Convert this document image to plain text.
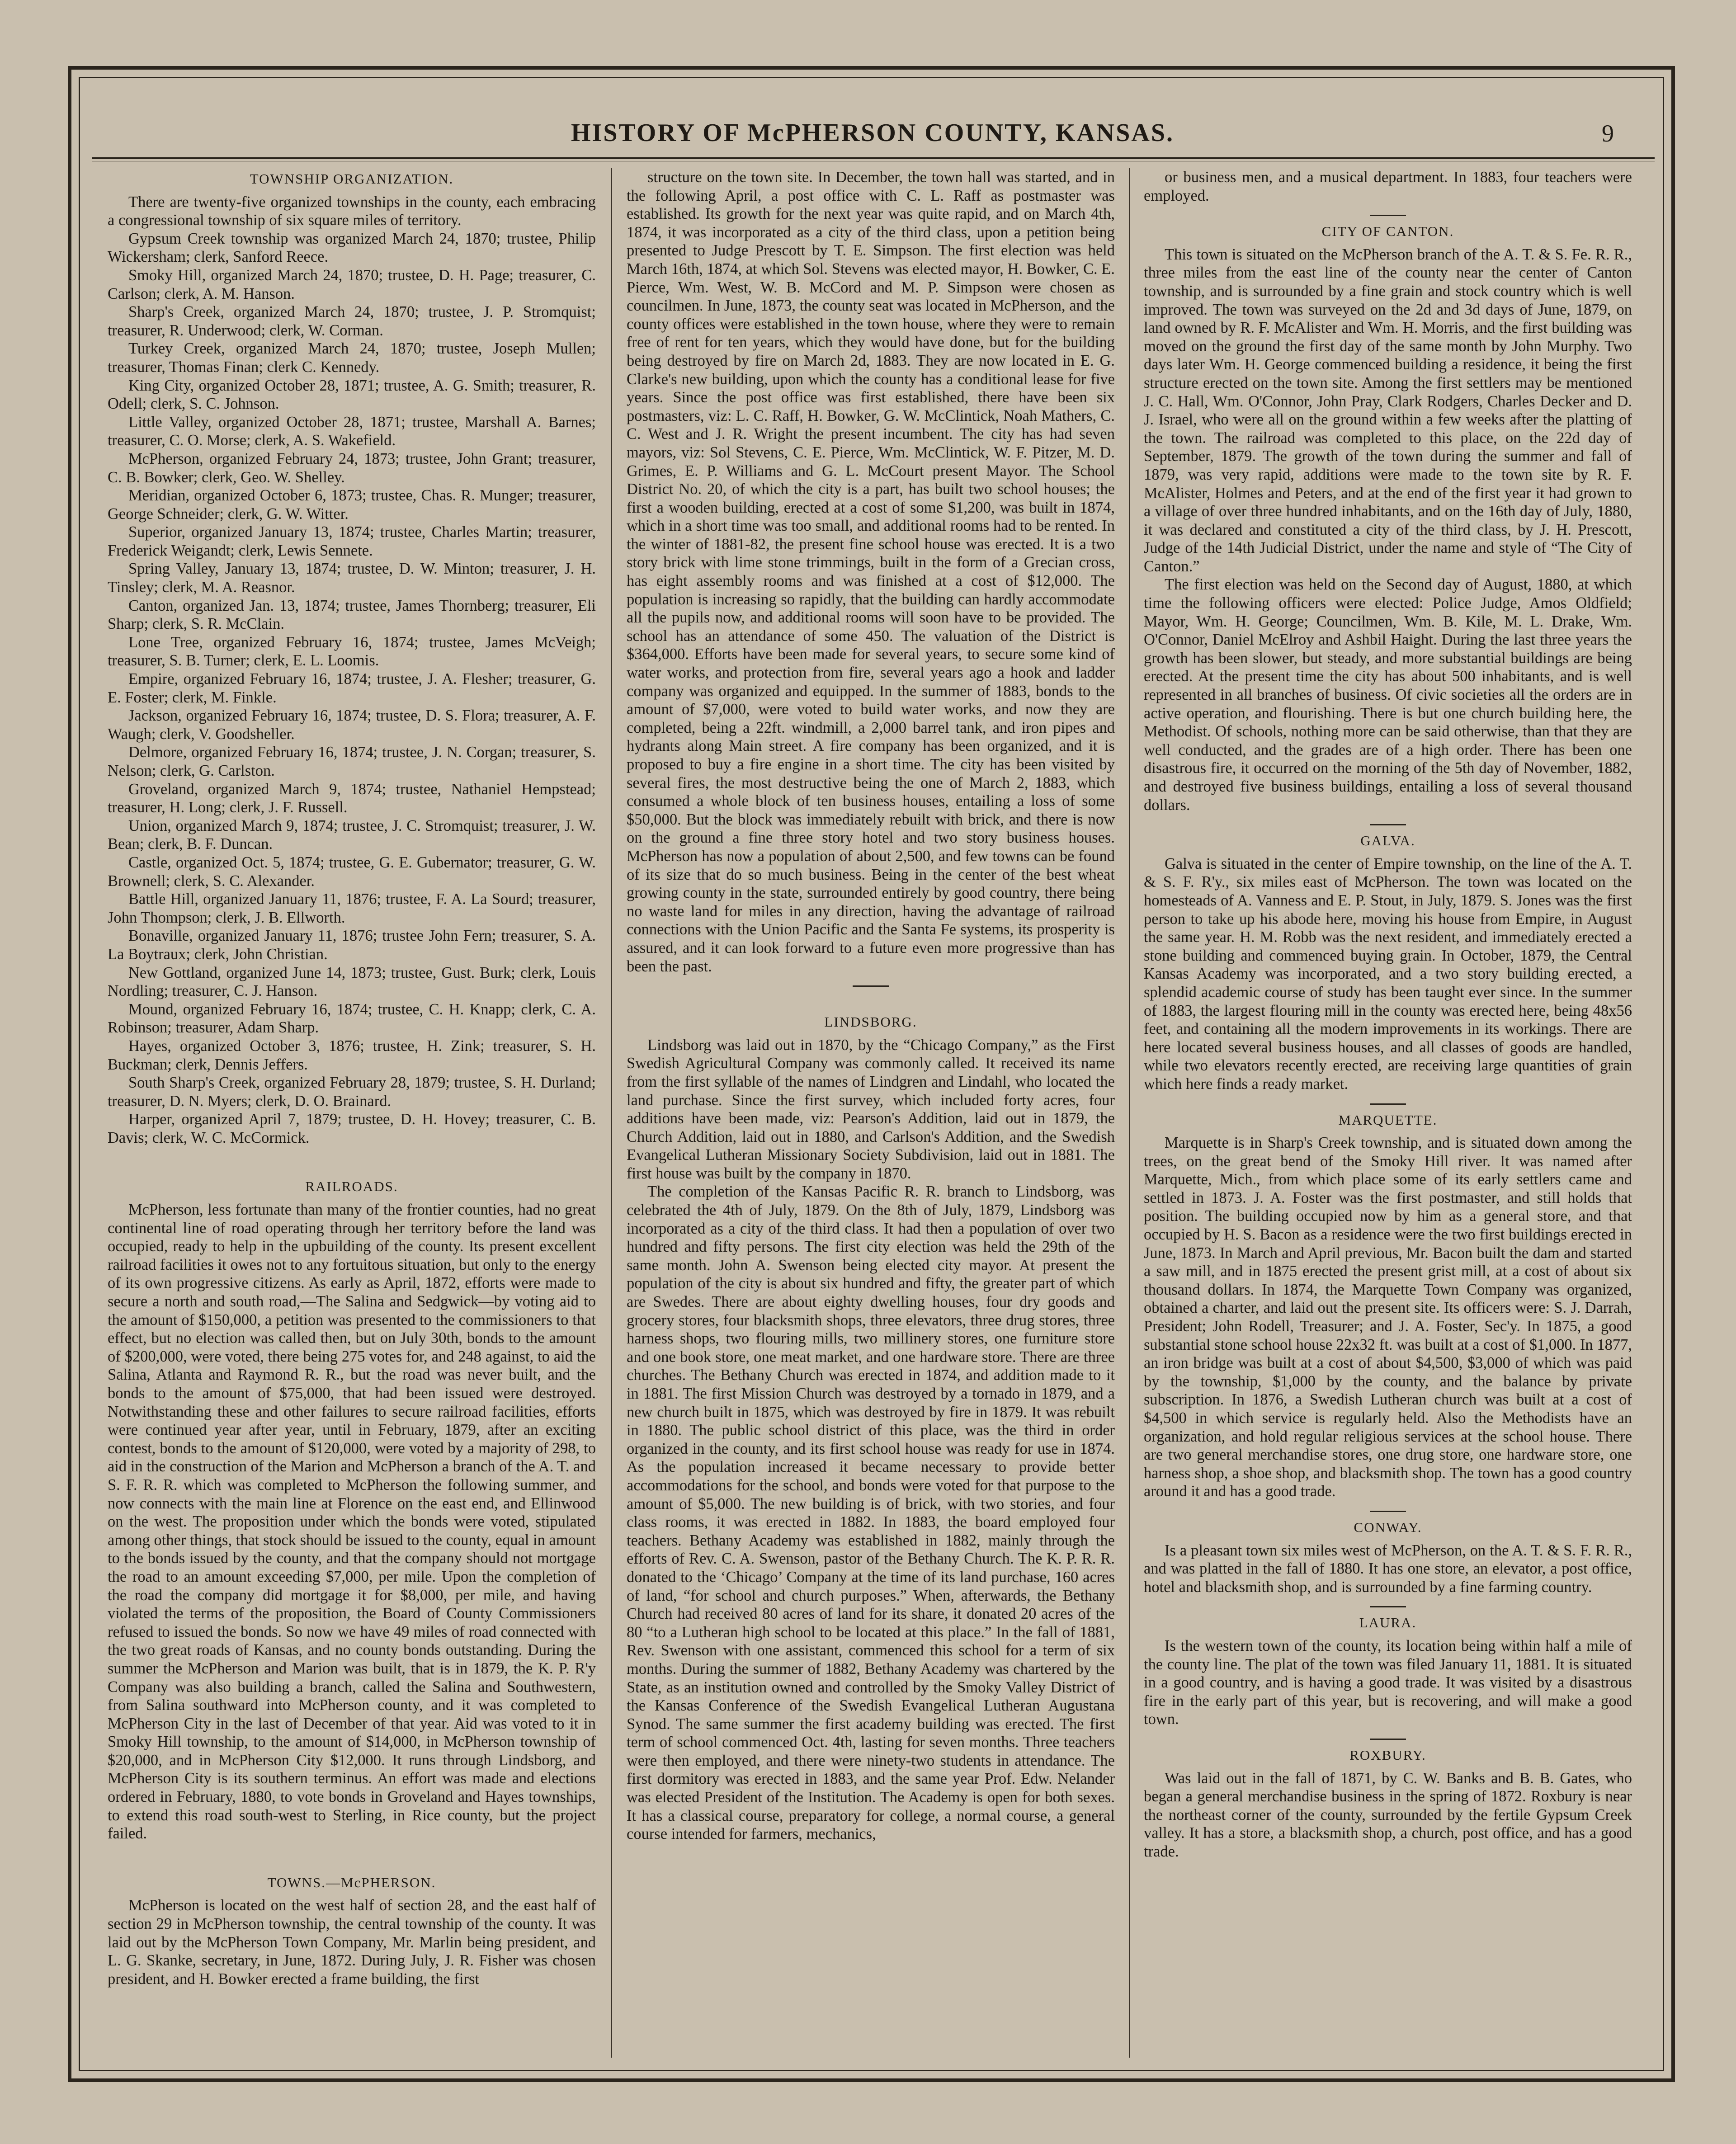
HISTORY OF McPHERSON COUNTY, KANSAS.	9
TOWNSHIP ORGANIZATION.

There are twenty-five organized townships in the county, each embracing a congressional township of six square miles of territory.

Gypsum Creek township was organized March 24, 1870; trustee, Philip Wickersham; clerk, Sanford Reece.

Smoky Hill, organized March 24, 1870; trustee, D. H. Page; treasurer, C. Carlson; clerk, A. M. Hanson.

Sharp's Creek, organized March 24, 1870; trustee, J. P. Stromquist; treasurer, R. Underwood; clerk, W. Corman.

Turkey Creek, organized March 24, 1870; trustee, Joseph Mullen; treasurer, Thomas Finan; clerk C. Kennedy.

King City, organized October 28, 1871; trustee, A. G. Smith; treasurer, R. Odell; clerk, S. C. Johnson.

Little Valley, organized October 28, 1871; trustee, Marshall A. Barnes; treasurer, C. O. Morse; clerk, A. S. Wakefield.

McPherson, organized February 24, 1873; trustee, John Grant; treasurer, C. B. Bowker; clerk, Geo. W. Shelley.

Meridian, organized October 6, 1873; trustee, Chas. R. Munger; treasurer, George Schneider; clerk, G. W. Witter.

Superior, organized January 13, 1874; trustee, Charles Martin; treasurer, Frederick Weigandt; clerk, Lewis Sennete.

Spring Valley, January 13, 1874; trustee, D. W. Minton; treasurer, J. H. Tinsley; clerk, M. A. Reasnor.

Canton, organized Jan. 13, 1874; trustee, James Thornberg; treasurer, Eli Sharp; clerk, S. R. McClain.

Lone Tree, organized February 16, 1874; trustee, James McVeigh; treasurer, S. B. Turner; clerk, E. L. Loomis.

Empire, organized February 16, 1874; trustee, J. A. Flesher; treasurer, G. E. Foster; clerk, M. Finkle.

Jackson, organized February 16, 1874; trustee, D. S. Flora; treasurer, A. F. Waugh; clerk, V. Goodsheller.

Delmore, organized February 16, 1874; trustee, J. N. Corgan; treasurer, S. Nelson; clerk, G. Carlston.

Groveland, organized March 9, 1874; trustee, Nathaniel Hempstead; treasurer, H. Long; clerk, J. F. Russell.

Union, organized March 9, 1874; trustee, J. C. Stromquist; treasurer, J. W. Bean; clerk, B. F. Duncan.

Castle, organized Oct. 5, 1874; trustee, G. E. Gubernator; treasurer, G. W. Brownell; clerk, S. C. Alexander.

Battle Hill, organized January 11, 1876; trustee, F. A. La Sourd; treasurer, John Thompson; clerk, J. B. Ellworth.

Bonaville, organized January 11, 1876; trustee John Fern; treasurer, S. A. La Boytraux; clerk, John Christian.

New Gottland, organized June 14, 1873; trustee, Gust. Burk; clerk, Louis Nordling; treasurer, C. J. Hanson.

Mound, organized February 16, 1874; trustee, C. H. Knapp; clerk, C. A. Robinson; treasurer, Adam Sharp.

Hayes, organized October 3, 1876; trustee, H. Zink; treasurer, S. H. Buckman; clerk, Dennis Jeffers.

South Sharp's Creek, organized February 28, 1879; trustee, S. H. Durland; treasurer, D. N. Myers; clerk, D. O. Brainard.

Harper, organized April 7, 1879; trustee, D. H. Hovey; treasurer, C. B. Davis; clerk, W. C. McCormick.

RAILROADS.

McPherson, less fortunate than many of the frontier counties, had no great continental line of road operating through her territory before the land was occupied, ready to help in the upbuilding of the county. Its present excellent railroad facilities it owes not to any fortuitous situation, but only to the energy of its own progressive citizens. As early as April, 1872, efforts were made to secure a north and south road,—The Salina and Sedgwick—by voting aid to the amount of $150,000, a petition was presented to the commissioners to that effect, but no election was called then, but on July 30th, bonds to the amount of $200,000, were voted, there being 275 votes for, and 248 against, to aid the Salina, Atlanta and Raymond R. R., but the road was never built, and the bonds to the amount of $75,000, that had been issued were destroyed. Notwithstanding these and other failures to secure railroad facilities, efforts were continued year after year, until in February, 1879, after an exciting contest, bonds to the amount of $120,000, were voted by a majority of 298, to aid in the construction of the Marion and McPherson a branch of the A. T. and S. F. R. R. which was completed to McPherson the following summer, and now connects with the main line at Florence on the east end, and Ellinwood on the west. The proposition under which the bonds were voted, stipulated among other things, that stock should be issued to the county, equal in amount to the bonds issued by the county, and that the company should not mortgage the road to an amount exceeding $7,000, per mile. Upon the completion of the road the company did mortgage it for $8,000, per mile, and having violated the terms of the proposition, the Board of County Commissioners refused to issued the bonds. So now we have 49 miles of road connected with the two great roads of Kansas, and no county bonds outstanding. During the summer the McPherson and Marion was built, that is in 1879, the K. P. R'y Company was also building a branch, called the Salina and Southwestern, from Salina southward into McPherson county, and it was completed to McPherson City in the last of December of that year. Aid was voted to it in Smoky Hill township, to the amount of $14,000, in McPherson township of $20,000, and in McPherson City $12,000. It runs through Lindsborg, and McPherson City is its southern terminus. An effort was made and elections ordered in February, 1880, to vote bonds in Groveland and Hayes townships, to extend this road south-west to Sterling, in Rice county, but the project failed.

TOWNS.—McPHERSON.

McPherson is located on the west half of section 28, and the east half of section 29 in McPherson township, the central township of the county. It was laid out by the McPherson Town Company, Mr. Marlin being president, and L. G. Skanke, secretary, in June, 1872. During July, J. R. Fisher was chosen president, and H. Bowker erected a frame building, the first

structure on the town site. In December, the town hall was started, and in the following April, a post office with C. L. Raff as postmaster was established. Its growth for the next year was quite rapid, and on March 4th, 1874, it was incorporated as a city of the third class, upon a petition being presented to Judge Prescott by T. E. Simpson. The first election was held March 16th, 1874, at which Sol. Stevens was elected mayor, H. Bowker, C. E. Pierce, Wm. West, W. B. McCord and M. P. Simpson were chosen as councilmen. In June, 1873, the county seat was located in McPherson, and the county offices were established in the town house, where they were to remain free of rent for ten years, which they would have done, but for the building being destroyed by fire on March 2d, 1883. They are now located in E. G. Clarke's new building, upon which the county has a conditional lease for five years. Since the post office was first established, there have been six postmasters, viz: L. C. Raff, H. Bowker, G. W. McClintick, Noah Mathers, C. C. West and J. R. Wright the present incumbent. The city has had seven mayors, viz: Sol Stevens, C. E. Pierce, Wm. McClintick, W. F. Pitzer, M. D. Grimes, E. P. Williams and G. L. McCourt present Mayor. The School District No. 20, of which the city is a part, has built two school houses; the first a wooden building, erected at a cost of some $1,200, was built in 1874, which in a short time was too small, and additional rooms had to be rented. In the winter of 1881-82, the present fine school house was erected. It is a two story brick with lime stone trimmings, built in the form of a Grecian cross, has eight assembly rooms and was finished at a cost of $12,000. The population is increasing so rapidly, that the building can hardly accommodate all the pupils now, and additional rooms will soon have to be provided. The school has an attendance of some 450. The valuation of the District is $364,000. Efforts have been made for several years, to secure some kind of water works, and protection from fire, several years ago a hook and ladder company was organized and equipped. In the summer of 1883, bonds to the amount of $7,000, were voted to build water works, and now they are completed, being a 22ft. windmill, a 2,000 barrel tank, and iron pipes and hydrants along Main street. A fire company has been organized, and it is proposed to buy a fire engine in a short time. The city has been visited by several fires, the most destructive being the one of March 2, 1883, which consumed a whole block of ten business houses, entailing a loss of some $50,000. But the block was immediately rebuilt with brick, and there is now on the ground a fine three story hotel and two story business houses. McPherson has now a population of about 2,500, and few towns can be found of its size that do so much business. Being in the center of the best wheat growing county in the state, surrounded entirely by good country, there being no waste land for miles in any direction, having the advantage of railroad connections with the Union Pacific and the Santa Fe systems, its prosperity is assured, and it can look forward to a future even more progressive than has been the past.

LINDSBORG.

Lindsborg was laid out in 1870, by the “Chicago Company,” as the First Swedish Agricultural Company was commonly called. It received its name from the first syllable of the names of Lindgren and Lindahl, who located the land purchase. Since the first survey, which included forty acres, four additions have been made, viz: Pearson's Addition, laid out in 1879, the Church Addition, laid out in 1880, and Carlson's Addition, and the Swedish Evangelical Lutheran Missionary Society Subdivision, laid out in 1881. The first house was built by the company in 1870.

The completion of the Kansas Pacific R. R. branch to Lindsborg, was celebrated the 4th of July, 1879. On the 8th of July, 1879, Lindsborg was incorporated as a city of the third class. It had then a population of over two hundred and fifty persons. The first city election was held the 29th of the same month. John A. Swenson being elected city mayor. At present the population of the city is about six hundred and fifty, the greater part of which are Swedes. There are about eighty dwelling houses, four dry goods and grocery stores, four blacksmith shops, three elevators, three drug stores, three harness shops, two flouring mills, two millinery stores, one furniture store and one book store, one meat market, and one hardware store. There are three churches. The Bethany Church was erected in 1874, and addition made to it in 1881. The first Mission Church was destroyed by a tornado in 1879, and a new church built in 1875, which was destroyed by fire in 1879. It was rebuilt in 1880. The public school district of this place, was the third in order organized in the county, and its first school house was ready for use in 1874. As the population increased it became necessary to provide better accommodations for the school, and bonds were voted for that purpose to the amount of $5,000. The new building is of brick, with two stories, and four class rooms, it was erected in 1882. In 1883, the board employed four teachers. Bethany Academy was established in 1882, mainly through the efforts of Rev. C. A. Swenson, pastor of the Bethany Church. The K. P. R. R. donated to the ‘Chicago’ Company at the time of its land purchase, 160 acres of land, “for school and church purposes.” When, afterwards, the Bethany Church had received 80 acres of land for its share, it donated 20 acres of the 80 “to a Lutheran high school to be located at this place.” In the fall of 1881, Rev. Swenson with one assistant, commenced this school for a term of six months. During the summer of 1882, Bethany Academy was chartered by the State, as an institution owned and controlled by the Smoky Valley District of the Kansas Conference of the Swedish Evangelical Lutheran Augustana Synod. The same summer the first academy building was erected. The first term of school commenced Oct. 4th, lasting for seven months. Three teachers were then employed, and there were ninety-two students in attendance. The first dormitory was erected in 1883, and the same year Prof. Edw. Nelander was elected President of the Institution. The Academy is open for both sexes. It has a classical course, preparatory for college, a normal course, a general course intended for farmers, mechanics,

or business men, and a musical department. In 1883, four teachers were employed.

CITY OF CANTON.

This town is situated on the McPherson branch of the A. T. & S. Fe. R. R., three miles from the east line of the county near the center of Canton township, and is surrounded by a fine grain and stock country which is well improved. The town was surveyed on the 2d and 3d days of June, 1879, on land owned by R. F. McAlister and Wm. H. Morris, and the first building was moved on the ground the first day of the same month by John Murphy. Two days later Wm. H. George commenced building a residence, it being the first structure erected on the town site. Among the first settlers may be mentioned J. C. Hall, Wm. O'Connor, John Pray, Clark Rodgers, Charles Decker and D. J. Israel, who were all on the ground within a few weeks after the platting of the town. The railroad was completed to this place, on the 22d day of September, 1879. The growth of the town during the summer and fall of 1879, was very rapid, additions were made to the town site by R. F. McAlister, Holmes and Peters, and at the end of the first year it had grown to a village of over three hundred inhabitants, and on the 16th day of July, 1880, it was declared and constituted a city of the third class, by J. H. Prescott, Judge of the 14th Judicial District, under the name and style of “The City of Canton.”

The first election was held on the Second day of August, 1880, at which time the following officers were elected: Police Judge, Amos Oldfield; Mayor, Wm. H. George; Councilmen, Wm. B. Kile, M. L. Drake, Wm. O'Connor, Daniel McElroy and Ashbil Haight. During the last three years the growth has been slower, but steady, and more substantial buildings are being erected. At the present time the city has about 500 inhabitants, and is well represented in all branches of business. Of civic societies all the orders are in active operation, and flourishing. There is but one church building here, the Methodist. Of schools, nothing more can be said otherwise, than that they are well conducted, and the grades are of a high order. There has been one disastrous fire, it occurred on the morning of the 5th day of November, 1882, and destroyed five business buildings, entailing a loss of several thousand dollars.

GALVA.

Galva is situated in the center of Empire township, on the line of the A. T. & S. F. R'y., six miles east of McPherson. The town was located on the homesteads of A. Vanness and E. P. Stout, in July, 1879. S. Jones was the first person to take up his abode here, moving his house from Empire, in August the same year. H. M. Robb was the next resident, and immediately erected a stone building and commenced buying grain. In October, 1879, the Central Kansas Academy was incorporated, and a two story building erected, a splendid academic course of study has been taught ever since. In the summer of 1883, the largest flouring mill in the county was erected here, being 48x56 feet, and containing all the modern improvements in its workings. There are here located several business houses, and all classes of goods are handled, while two elevators recently erected, are receiving large quantities of grain which here finds a ready market.

MARQUETTE.

Marquette is in Sharp's Creek township, and is situated down among the trees, on the great bend of the Smoky Hill river. It was named after Marquette, Mich., from which place some of its early settlers came and settled in 1873. J. A. Foster was the first postmaster, and still holds that position. The building occupied now by him as a general store, and that occupied by H. S. Bacon as a residence were the two first buildings erected in June, 1873. In March and April previous, Mr. Bacon built the dam and started a saw mill, and in 1875 erected the present grist mill, at a cost of about six thousand dollars. In 1874, the Marquette Town Company was organized, obtained a charter, and laid out the present site. Its officers were: S. J. Darrah, President; John Rodell, Treasurer; and J. A. Foster, Sec'y. In 1875, a good substantial stone school house 22x32 ft. was built at a cost of $1,000. In 1877, an iron bridge was built at a cost of about $4,500, $3,000 of which was paid by the township, $1,000 by the county, and the balance by private subscription. In 1876, a Swedish Lutheran church was built at a cost of $4,500 in which service is regularly held. Also the Methodists have an organization, and hold regular religious services at the school house. There are two general merchandise stores, one drug store, one hardware store, one harness shop, a shoe shop, and blacksmith shop. The town has a good country around it and has a good trade.

CONWAY.

Is a pleasant town six miles west of McPherson, on the A. T. & S. F. R. R., and was platted in the fall of 1880. It has one store, an elevator, a post office, hotel and blacksmith shop, and is surrounded by a fine farming country.

LAURA.

Is the western town of the county, its location being within half a mile of the county line. The plat of the town was filed January 11, 1881. It is situated in a good country, and is having a good trade. It was visited by a disastrous fire in the early part of this year, but is recovering, and will make a good town.

ROXBURY.

Was laid out in the fall of 1871, by C. W. Banks and B. B. Gates, who began a general merchandise business in the spring of 1872. Roxbury is near the northeast corner of the county, surrounded by the fertile Gypsum Creek valley. It has a store, a blacksmith shop, a church, post office, and has a good trade.
